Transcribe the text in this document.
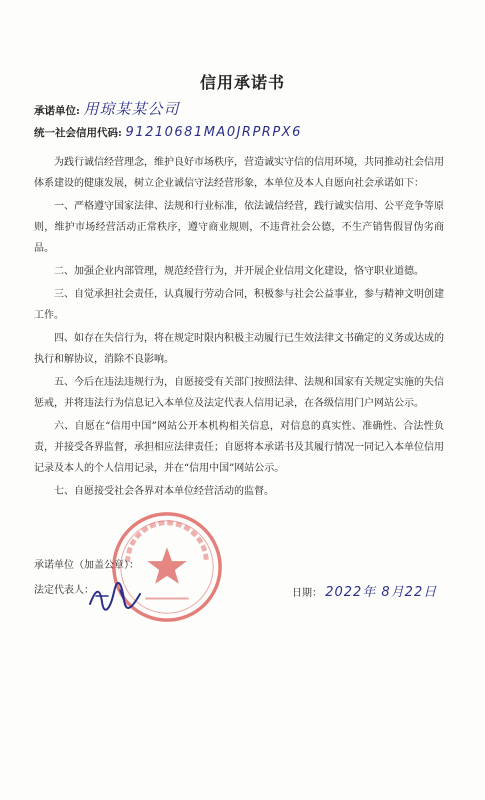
信用承诺书
承诺单位: 用琼某某公司
统一社会信用代码: 91210681MA0JRPRPX6

为践行诚信经营理念，维护良好市场秩序，营造诚实守信的信用环境，共同推动社会信用体系建设的健康发展，树立企业诚信守法经营形象，本单位及本人自愿向社会承诺如下：

一、严格遵守国家法律、法规和行业标准，依法诚信经营，践行诚实信用、公平竞争等原则，维护市场经营活动正常秩序，遵守商业规则，不违背社会公德，不生产销售假冒伪劣商品。

二、加强企业内部管理，规范经营行为，并开展企业信用文化建设，恪守职业道德。

三、自觉承担社会责任，认真履行劳动合同，积极参与社会公益事业，参与精神文明创建工作。

四、如存在失信行为，将在规定时限内积极主动履行已生效法律文书确定的义务或达成的执行和解协议，消除不良影响。

五、今后在违法违规行为，自愿接受有关部门按照法律、法规和国家有关规定实施的失信惩戒，并将违法行为信息记入本单位及法定代表人信用记录，在各级信用门户网站公示。

六、自愿在“信用中国”网站公开本机构相关信息，对信息的真实性、准确性、合法性负责，并接受各界监督，承担相应法律责任；自愿将本承诺书及其履行情况一同记入本单位信用记录及本人的个人信用记录，并在“信用中国”网站公示。

七、自愿接受社会各界对本单位经营活动的监督。

承诺单位（加盖公章）：
法定代表人：	日期： 2022年 8月22日
